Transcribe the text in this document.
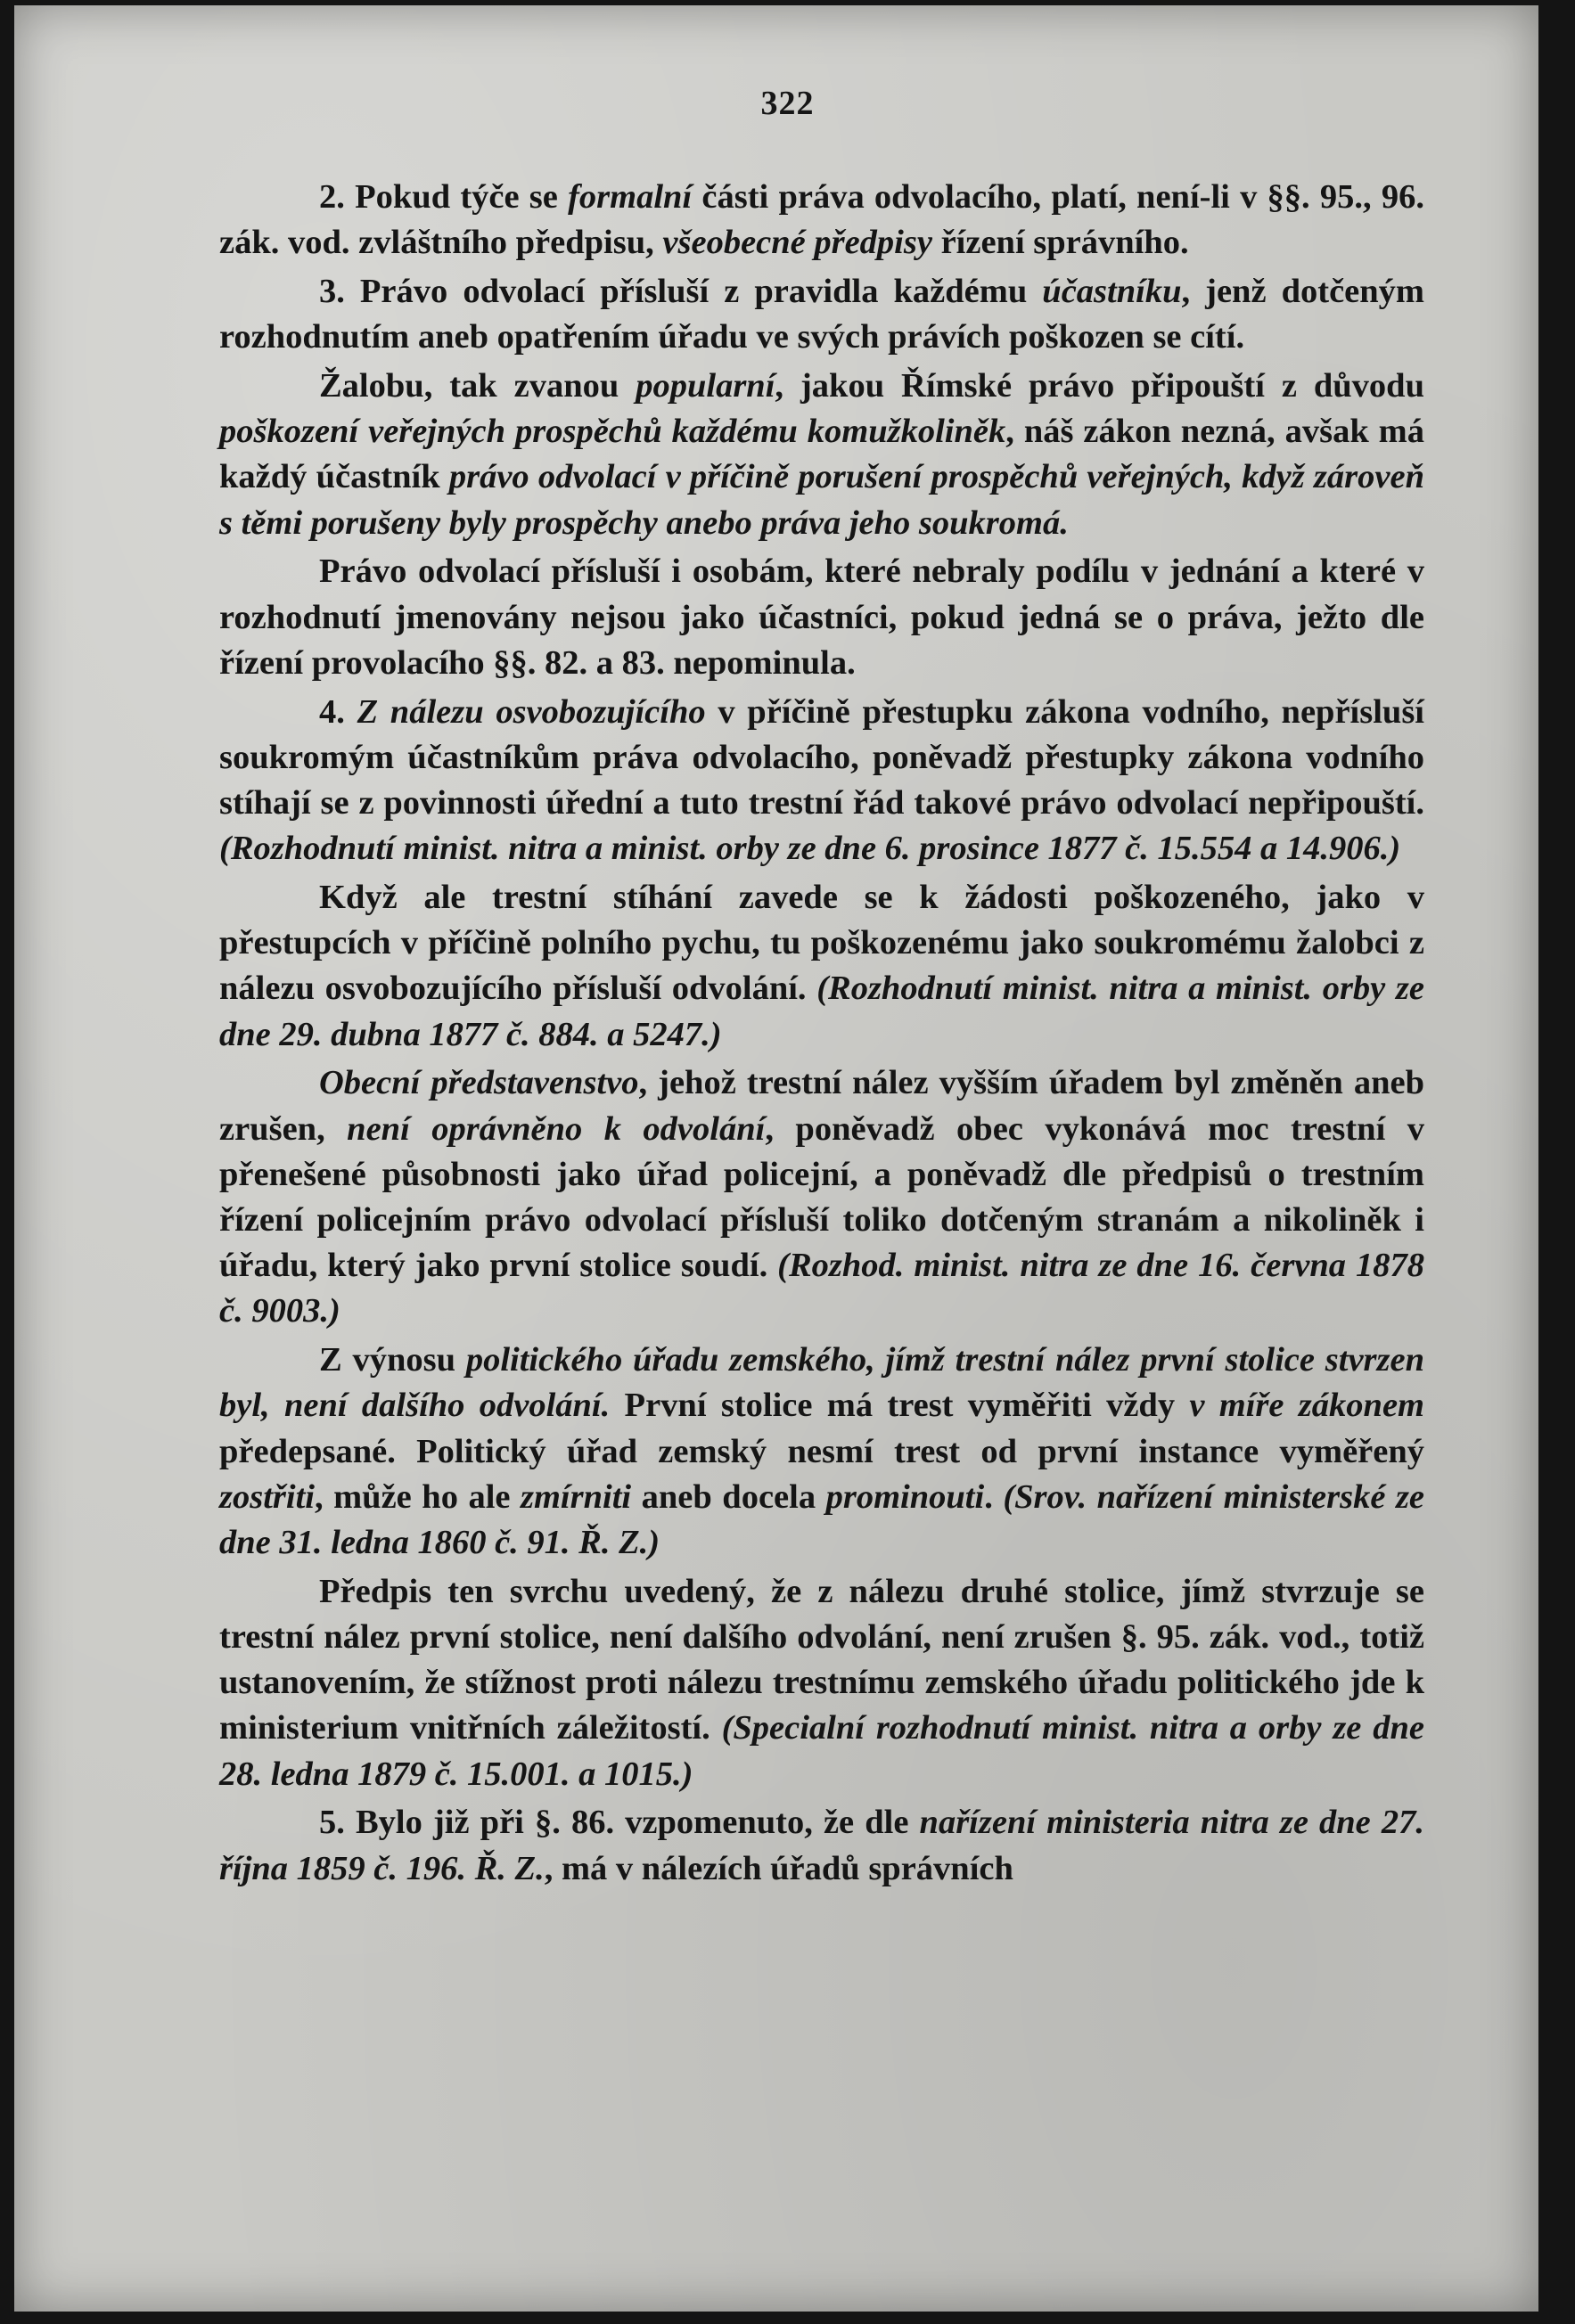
322

2. Pokud týče se formalní části práva odvolacího, platí, není-li v §§. 95., 96. zák. vod. zvláštního předpisu, všeobecné předpisy řízení správního.

3. Právo odvolací přísluší z pravidla každému účastníku, jenž dotčeným rozhodnutím aneb opatřením úřadu ve svých právích poškozen se cítí.

Žalobu, tak zvanou popularní, jakou Římské právo připouští z důvodu poškození veřejných prospěchů každému komužkoliněk, náš zákon nezná, avšak má každý účastník právo odvolací v příčině porušení prospěchů veřejných, když zároveň s těmi porušeny byly prospěchy anebo práva jeho soukromá.

Právo odvolací přísluší i osobám, které nebraly podílu v jednání a které v rozhodnutí jmenovány nejsou jako účastníci, pokud jedná se o práva, ježto dle řízení provolacího §§. 82. a 83. nepominula.

4. Z nálezu osvobozujícího v příčině přestupku zákona vodního, nepřísluší soukromým účastníkům práva odvolacího, poněvadž přestupky zákona vodního stíhají se z povinnosti úřední a tuto trestní řád takové právo odvolací nepřipouští. (Rozhodnutí minist. nitra a minist. orby ze dne 6. prosince 1877 č. 15.554 a 14.906.)

Když ale trestní stíhání zavede se k žádosti poškozeného, jako v přestupcích v příčině polního pychu, tu poškozenému jako soukromému žalobci z nálezu osvobozujícího přísluší odvolání. (Rozhodnutí minist. nitra a minist. orby ze dne 29. dubna 1877 č. 884. a 5247.)

Obecní představenstvo, jehož trestní nález vyšším úřadem byl změněn aneb zrušen, není oprávněno k odvolání, poněvadž obec vykonává moc trestní v přenešené působnosti jako úřad policejní, a poněvadž dle předpisů o trestním řízení policejním právo odvolací přísluší toliko dotčeným stranám a nikoliněk i úřadu, který jako první stolice soudí. (Rozhod. minist. nitra ze dne 16. června 1878 č. 9003.)

Z výnosu politického úřadu zemského, jímž trestní nález první stolice stvrzen byl, není dalšího odvolání. První stolice má trest vyměřiti vždy v míře zákonem předepsané. Politický úřad zemský nesmí trest od první instance vyměřený zostřiti, může ho ale zmírniti aneb docela prominouti. (Srov. nařízení ministerské ze dne 31. ledna 1860 č. 91. Ř. Z.)

Předpis ten svrchu uvedený, že z nálezu druhé stolice, jímž stvrzuje se trestní nález první stolice, není dalšího odvolání, není zrušen §. 95. zák. vod., totiž ustanovením, že stížnost proti nálezu trestnímu zemského úřadu politického jde k ministerium vnitřních záležitostí. (Specialní rozhodnutí minist. nitra a orby ze dne 28. ledna 1879 č. 15.001. a 1015.)

5. Bylo již při §. 86. vzpomenuto, že dle nařízení ministeria nitra ze dne 27. října 1859 č. 196. Ř. Z., má v nálezích úřadů správních
